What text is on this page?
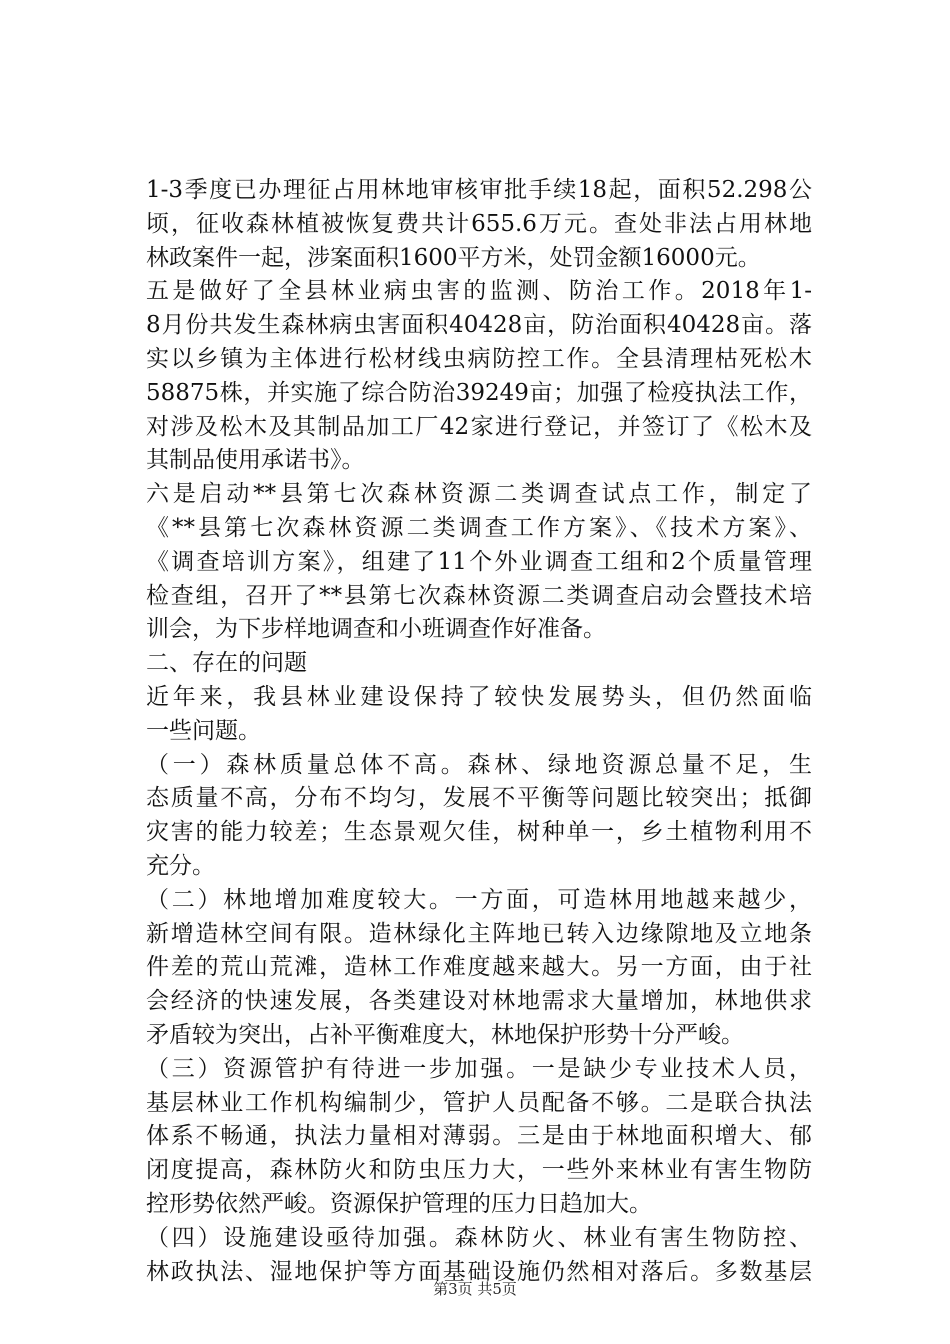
1-3季度已办理征占用林地审核审批手续18起，面积52.298公
顷，征收森林植被恢复费共计655.6万元。查处非法占用林地
林政案件一起，涉案面积1600平方米，处罚金额16000元。
五是做好了全县林业病虫害的监测、防治工作。2018年1-
8月份共发生森林病虫害面积40428亩，防治面积40428亩。落
实以乡镇为主体进行松材线虫病防控工作。全县清理枯死松木
58875株，并实施了综合防治39249亩；加强了检疫执法工作，
对涉及松木及其制品加工厂42家进行登记，并签订了《松木及
其制品使用承诺书》。
六是启动**县第七次森林资源二类调查试点工作，制定了
《**县第七次森林资源二类调查工作方案》、《技术方案》、
《调查培训方案》，组建了11个外业调查工组和2个质量管理
检查组，召开了**县第七次森林资源二类调查启动会暨技术培
训会，为下步样地调查和小班调查作好准备。
二、存在的问题
近年来，我县林业建设保持了较快发展势头，但仍然面临
一些问题。
（一）森林质量总体不高。森林、绿地资源总量不足，生
态质量不高，分布不均匀，发展不平衡等问题比较突出；抵御
灾害的能力较差；生态景观欠佳，树种单一，乡土植物利用不
充分。
（二）林地增加难度较大。一方面，可造林用地越来越少，
新增造林空间有限。造林绿化主阵地已转入边缘隙地及立地条
件差的荒山荒滩，造林工作难度越来越大。另一方面，由于社
会经济的快速发展，各类建设对林地需求大量增加，林地供求
矛盾较为突出，占补平衡难度大，林地保护形势十分严峻。
（三）资源管护有待进一步加强。一是缺少专业技术人员，
基层林业工作机构编制少，管护人员配备不够。二是联合执法
体系不畅通，执法力量相对薄弱。三是由于林地面积增大、郁
闭度提高，森林防火和防虫压力大，一些外来林业有害生物防
控形势依然严峻。资源保护管理的压力日趋加大。
（四）设施建设亟待加强。森林防火、林业有害生物防控、
林政执法、湿地保护等方面基础设施仍然相对落后。多数基层
第3页 共5页
